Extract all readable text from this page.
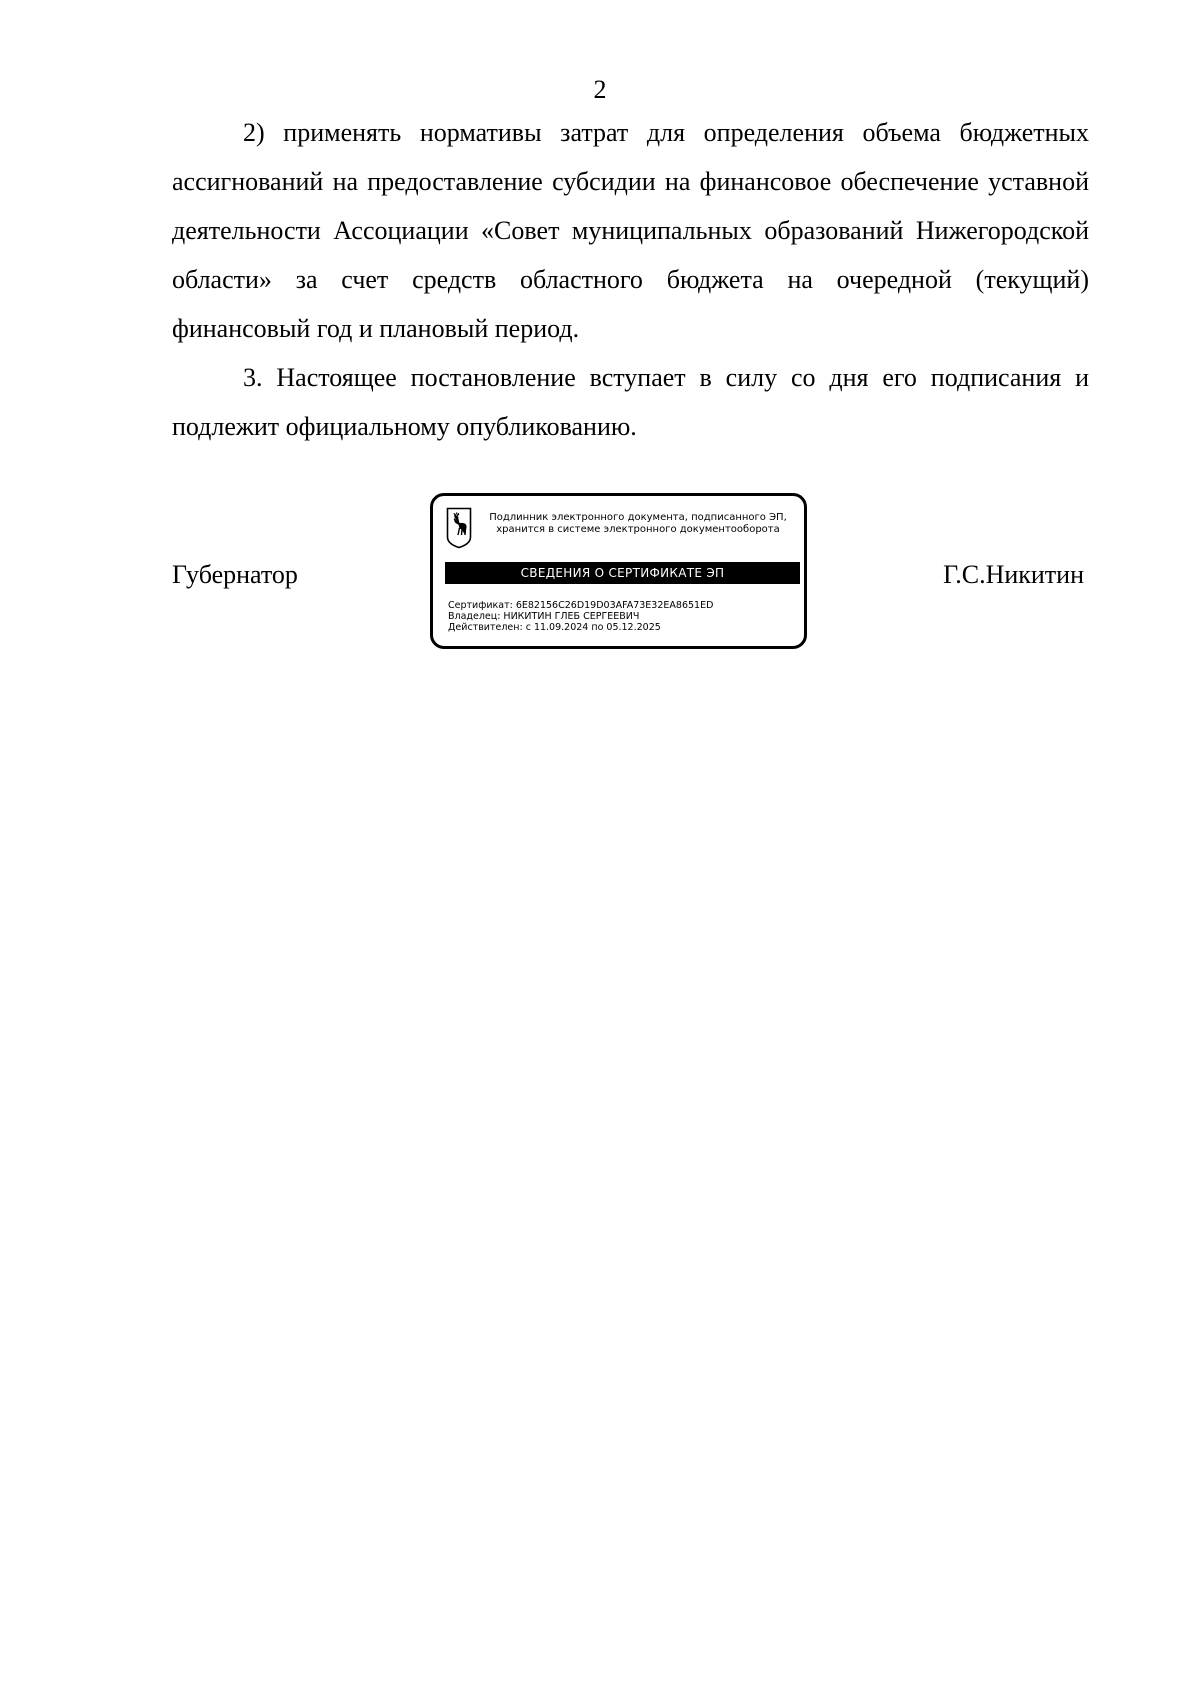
2

2) применять нормативы затрат для определения объема бюджетных ассигнований на предоставление субсидии на финансовое обеспечение уставной деятельности Ассоциации «Совет муниципальных образований Нижегородской области» за счет средств областного бюджета на очередной (текущий) финансовый год и плановый период.

3. Настоящее постановление вступает в силу со дня его подписания и подлежит официальному опубликованию.

Губернатор
Подлинник электронного документа, подписанного ЭП,
хранится в системе электронного документооборота
СВЕДЕНИЯ О СЕРТИФИКАТЕ ЭП
Сертификат: 6E82156C26D19D03AFA73E32EA8651ED
Владелец: НИКИТИН ГЛЕБ СЕРГЕЕВИЧ
Действителен: с 11.09.2024 по 05.12.2025
Г.С.Никитин
